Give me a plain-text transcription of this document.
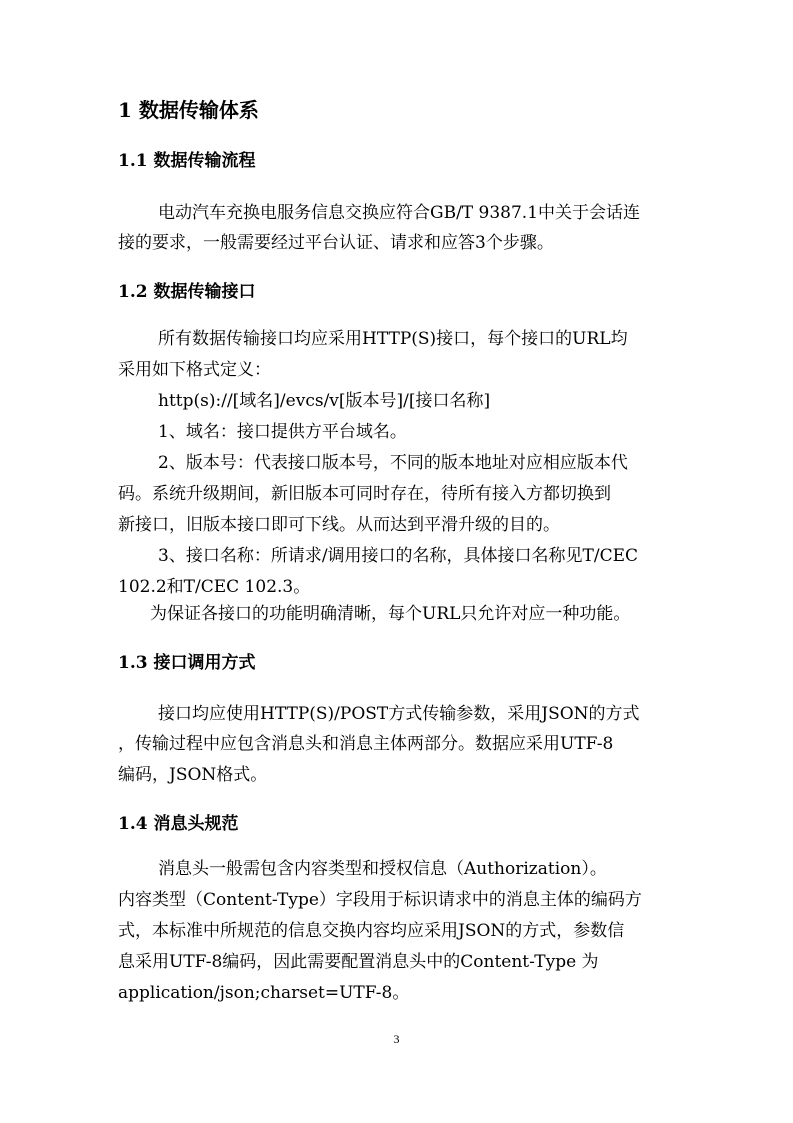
1 数据传输体系
1.1 数据传输流程
电动汽车充换电服务信息交换应符合GB/T 9387.1中关于会话连
接的要求，一般需要经过平台认证、请求和应答3个步骤。
1.2 数据传输接口
所有数据传输接口均应采用HTTP(S)接口，每个接口的URL均
采用如下格式定义：
http(s)://[域名]/evcs/v[版本号]/[接口名称]
1、域名：接口提供方平台域名。
2、版本号：代表接口版本号，不同的版本地址对应相应版本代
码。系统升级期间，新旧版本可同时存在，待所有接入方都切换到
新接口，旧版本接口即可下线。从而达到平滑升级的目的。
3、接口名称：所请求/调用接口的名称，具体接口名称见T/CEC
102.2和T/CEC 102.3。
为保证各接口的功能明确清晰，每个URL只允许对应一种功能。
1.3 接口调用方式
接口均应使用HTTP(S)/POST方式传输参数，采用JSON的方式
，传输过程中应包含消息头和消息主体两部分。数据应采用UTF-8
编码，JSON格式。
1.4 消息头规范
消息头一般需包含内容类型和授权信息（Authorization）。
内容类型（Content-Type）字段用于标识请求中的消息主体的编码方
式，本标准中所规范的信息交换内容均应采用JSON的方式，参数信
息采用UTF-8编码，因此需要配置消息头中的Content-Type 为
application/json;charset=UTF-8。
3
